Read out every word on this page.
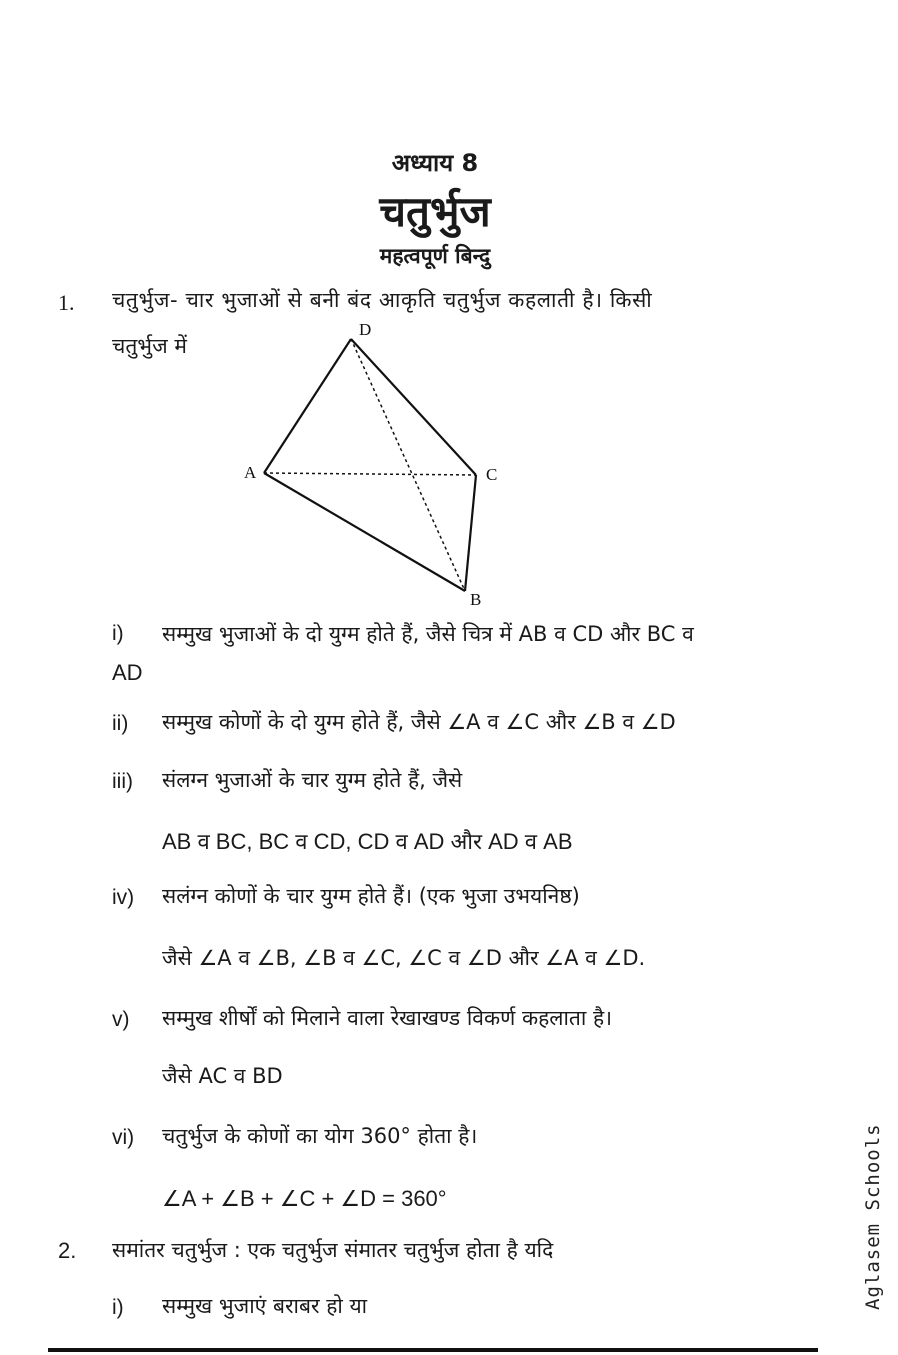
अध्याय 8
चतुर्भुज
महत्वपूर्ण बिन्दु
1. चतुर्भुज- चार भुजाओं से बनी बंद आकृति चतुर्भुज कहलाती है। किसी
चतुर्भुज में
D
A	C
B
i) सम्मुख भुजाओं के दो युग्म होते हैं, जैसे चित्र में AB व CD और BC व
AD
ii) सम्मुख कोणों के दो युग्म होते हैं, जैसे ∠A व ∠C और ∠B व ∠D
iii) संलग्न भुजाओं के चार युग्म होते हैं, जैसे
AB व BC, BC व CD, CD व AD और AD व AB
iv) सलंग्न कोणों के चार युग्म होते हैं। (एक भुजा उभयनिष्ठ)
जैसे ∠A व ∠B, ∠B व ∠C, ∠C व ∠D और ∠A व ∠D.
v) सम्मुख शीर्षों को मिलाने वाला रेखाखण्ड विकर्ण कहलाता है।
जैसे AC व BD
vi) चतुर्भुज के कोणों का योग 360° होता है।
∠A + ∠B + ∠C + ∠D = 360°
2. समांतर चतुर्भुज : एक चतुर्भुज संमातर चतुर्भुज होता है यदि
i) सम्मुख भुजाएं बराबर हो या	Aglasem Schools
